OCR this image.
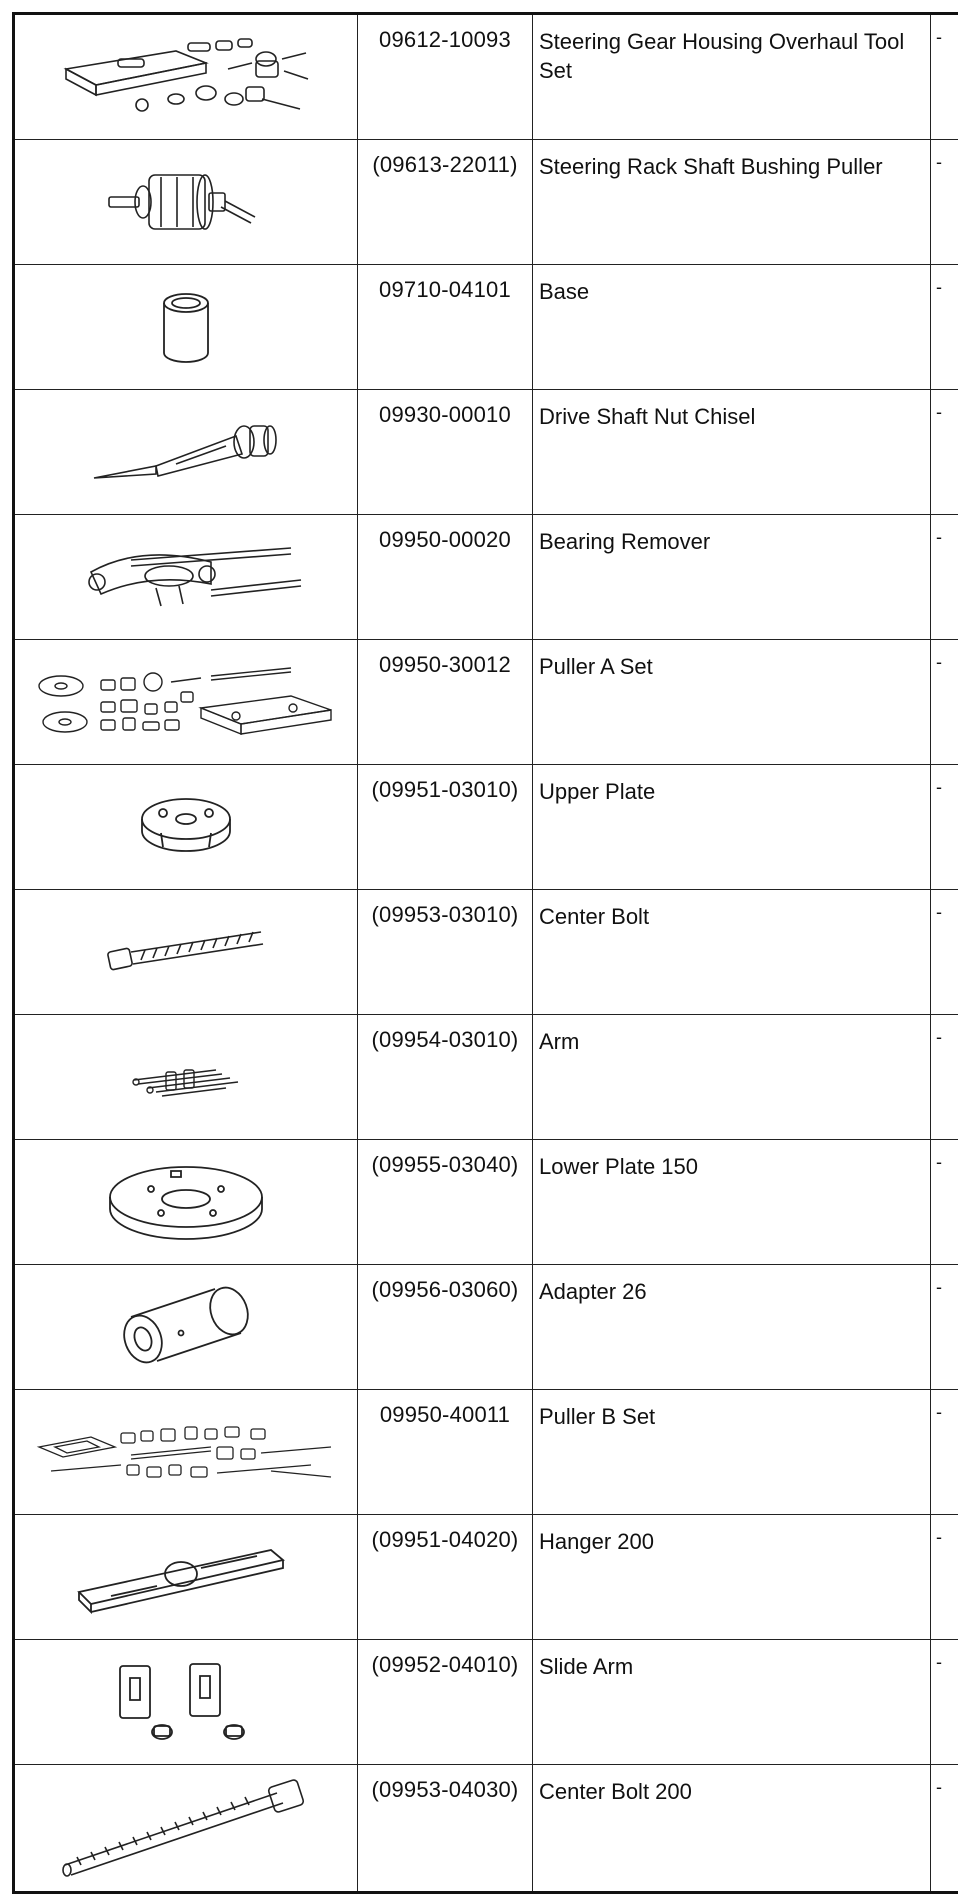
09612-10093	Steering Gear Housing Overhaul Tool Set	-

(09613-22011)	Steering Rack Shaft Bushing Puller	-

09710-04101	Base	-

09930-00010	Drive Shaft Nut Chisel	-

09950-00020	Bearing Remover	-

09950-30012	Puller A Set	-

(09951-03010)	Upper Plate	-

(09953-03010)	Center Bolt	-

(09954-03010)	Arm	-

(09955-03040)	Lower Plate 150	-

(09956-03060)	Adapter 26	-

09950-40011	Puller B Set	-

(09951-04020)	Hanger 200	-

(09952-04010)	Slide Arm	-

(09953-04030)	Center Bolt 200	-
